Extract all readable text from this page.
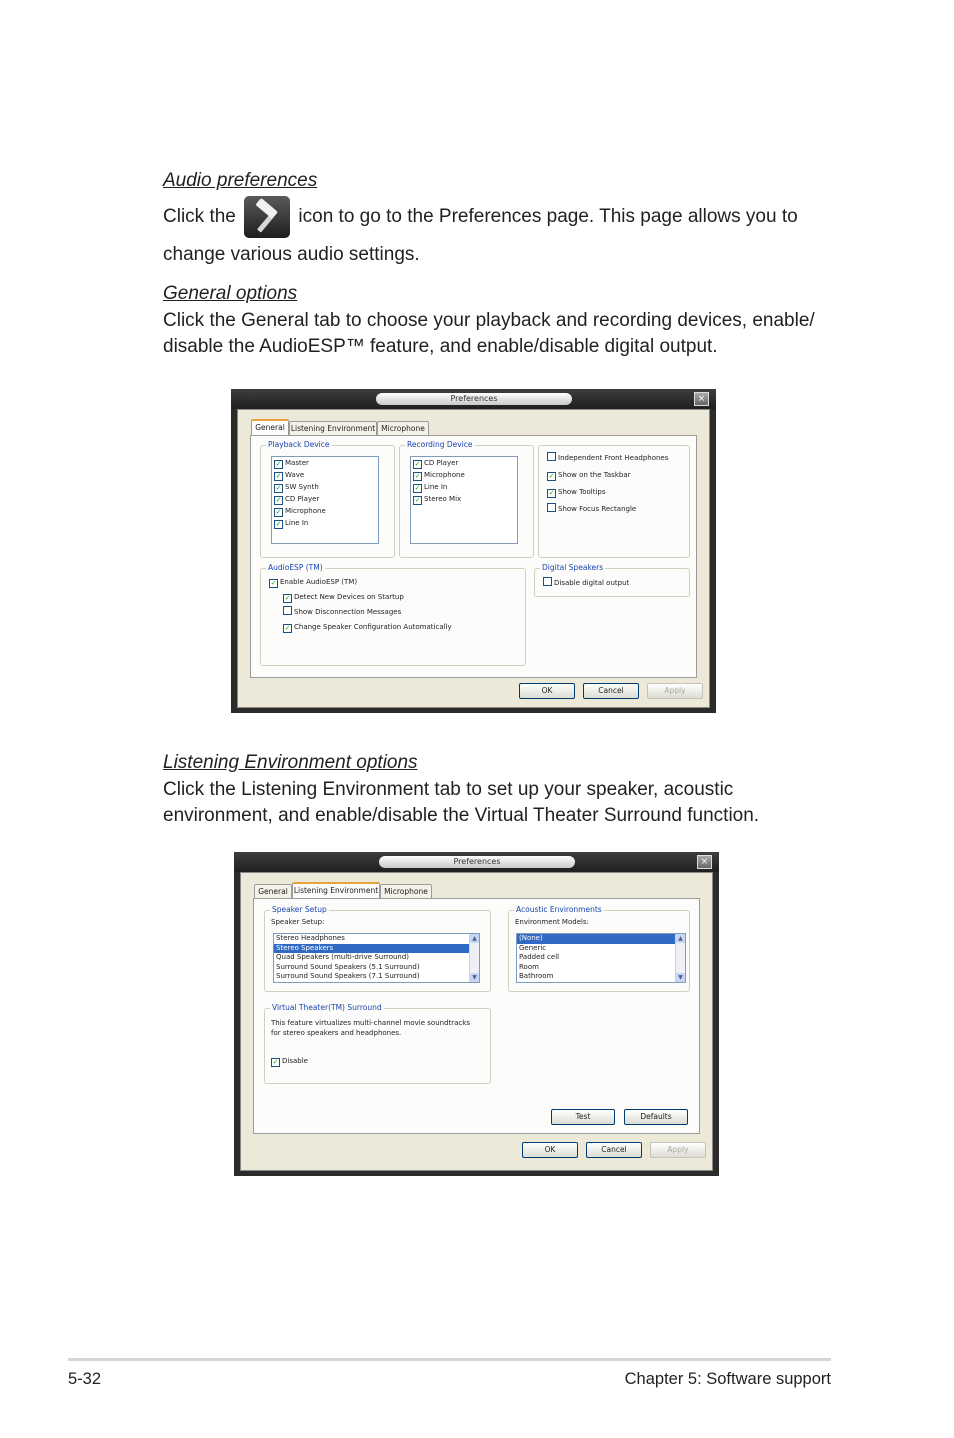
Audio preferences
Click the	icon to go to the Preferences page. This page allows you to
change various audio settings.
General options
Click the General tab to choose your playback and recording devices, enable/
disable the AudioESP™ feature, and enable/disable digital output.
Preferences	×
General Listening Environment Microphone
Playback Device
✓ Master
✓ Wave
✓ SW Synth
✓ CD Player
✓ Microphone
✓ Line In
Recording Device
✓ CD Player
✓ Microphone
✓ Line In
✓ Stereo Mix
Independent Front Headphones
✓ Show on the Taskbar
✓ Show Tooltips
Show Focus Rectangle
AudioESP (TM)
✓ Enable AudioESP (TM)
✓ Detect New Devices on Startup
Show Disconnection Messages
✓ Change Speaker Configuration Automatically
Digital Speakers
Disable digital output
OK	Cancel	Apply
Listening Environment options
Click the Listening Environment tab to set up your speaker, acoustic
environment, and enable/disable the Virtual Theater Surround function.
Preferences	×
General Listening Environment Microphone
Speaker Setup
Speaker Setup:
Stereo Headphones
Stereo Speakers
Quad Speakers (multi-drive Surround)
Surround Sound Speakers (5.1 Surround)
Surround Sound Speakers (7.1 Surround)
▲
▼
Acoustic Environments
Environment Models:
(None)
Generic
Padded cell
Room
Bathroom
▲
▼
Virtual Theater(TM) Surround
This feature virtualizes multi-channel movie soundtracks
for stereo speakers and headphones.
✓ Disable
Test	Defaults
OK	Cancel	Apply
5-32	Chapter 5: Software support
